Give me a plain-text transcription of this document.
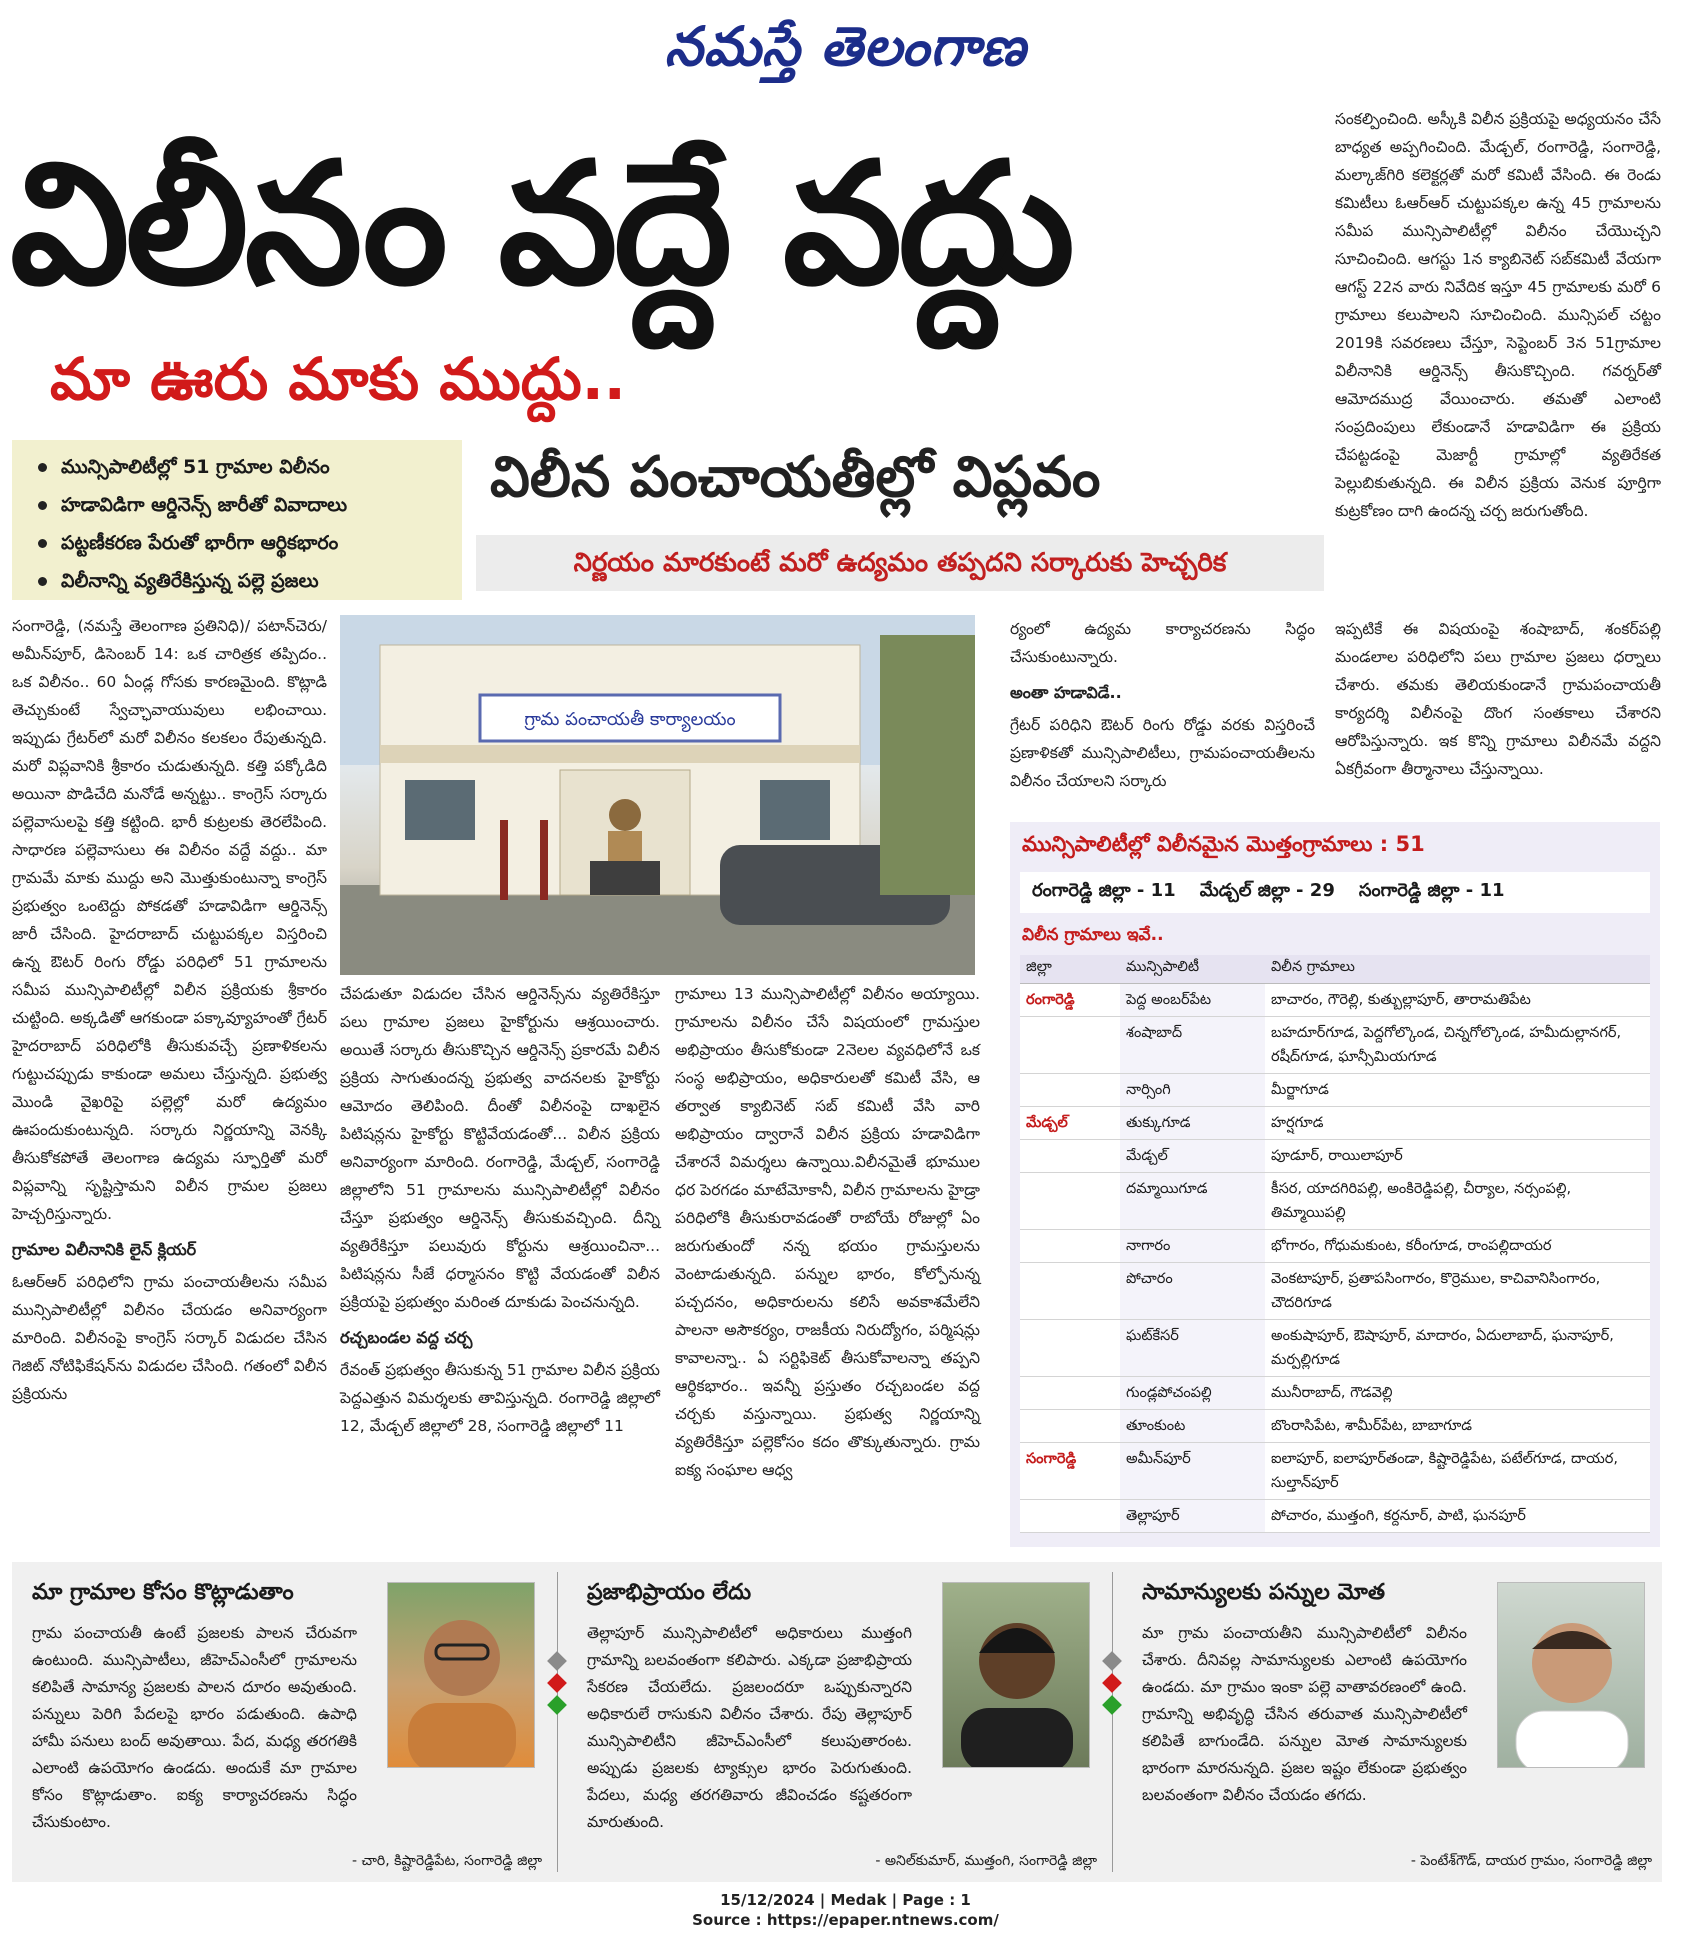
నమస్తే తెలంగాణ
విలీనం వద్దే వద్దు
మా ఊరు మాకు ముద్దు..
సంకల్పించింది. అస్కీకి విలీన ప్రక్రియపై అధ్యయనం చేసే బాధ్యత అప్పగించింది. మేడ్చల్, రంగారెడ్డి, సంగారెడ్డి, మల్కాజ్‌గిరి కలెక్టర్లతో మరో కమిటీ వేసింది. ఈ రెండు కమిటీలు ఓఆర్‌ఆర్ చుట్టుపక్కల ఉన్న 45 గ్రామాలను సమీప మున్సిపాలిటీల్లో విలీనం చేయొచ్చని సూచించింది. ఆగస్టు 1న క్యాబినెట్ సబ్‌కమిటీ వేయగా ఆగస్ట్ 22న వారు నివేదిక ఇస్తూ 45 గ్రామాలకు మరో 6 గ్రామాలు కలుపాలని సూచించింది. మున్సిపల్ చట్టం 2019కి సవరణలు చేస్తూ, సెప్టెంబర్ 3న 51గ్రామాల విలీనానికి ఆర్డినెన్స్ తీసుకొచ్చింది. గవర్నర్‌తో ఆమోదముద్ర వేయించారు. తమతో ఎలాంటి సంప్రదింపులు లేకుండానే హడావిడిగా ఈ ప్రక్రియ చేపట్టడంపై మెజార్టీ గ్రామాల్లో వ్యతిరేకత పెల్లుబికుతున్నది. ఈ విలీన ప్రక్రియ వెనుక పూర్తిగా కుట్రకోణం దాగి ఉందన్న చర్చ జరుగుతోంది.
మున్సిపాలిటీల్లో 51 గ్రామాల విలీనం
హడావిడిగా ఆర్డినెన్స్ జారీతో వివాదాలు
పట్టణీకరణ పేరుతో భారీగా ఆర్థికభారం
విలీనాన్ని వ్యతిరేకిస్తున్న పల్లె ప్రజలు
విలీన పంచాయతీల్లో విప్లవం
నిర్ణయం మారకుంటే మరో ఉద్యమం తప్పదని సర్కారుకు హెచ్చరిక

సంగారెడ్డి, (నమస్తే తెలంగాణ ప్రతినిధి)/ పటాన్‌చెరు/ అమీన్‌పూర్, డిసెంబర్ 14: ఒక చారిత్రక తప్పిదం.. ఒక విలీనం.. 60 ఏండ్ల గోసకు కారణమైంది. కొట్లాడి తెచ్చుకుంటే స్వేచ్ఛావాయువులు లభించాయి. ఇప్పుడు గ్రేటర్‌లో మరో విలీనం కలకలం రేపుతున్నది. మరో విప్లవానికి శ్రీకారం చుడుతున్నది. కత్తి పక్కోడిది అయినా పొడిచేది మనోడే అన్నట్టు.. కాంగ్రెస్ సర్కారు పల్లెవాసులపై కత్తి కట్టింది. భారీ కుట్రలకు తెరలేపింది. సాధారణ పల్లెవాసులు ఈ విలీనం వద్దే వద్దు.. మా గ్రామమే మాకు ముద్దు అని మొత్తుకుంటున్నా కాంగ్రెస్ ప్రభుత్వం ఒంటెద్దు పోకడతో హడావిడిగా ఆర్డినెన్స్ జారీ చేసింది. హైదరాబాద్ చుట్టుపక్కల విస్తరించి ఉన్న ఔటర్ రింగు రోడ్డు పరిధిలో 51 గ్రామాలను సమీప మున్సిపాలిటీల్లో విలీన ప్రక్రియకు శ్రీకారం చుట్టింది. అక్కడితో ఆగకుండా పక్కావ్యూహంతో గ్రేటర్ హైదరాబాద్ పరిధిలోకి తీసుకువచ్చే ప్రణాళికలను గుట్టుచప్పుడు కాకుండా అమలు చేస్తున్నది. ప్రభుత్వ మొండి వైఖరిపై పల్లెల్లో మరో ఉద్యమం ఊపందుకుంటున్నది. సర్కారు నిర్ణయాన్ని వెనక్కి తీసుకోకపోతే తెలంగాణ ఉద్యమ స్ఫూర్తితో మరో విప్లవాన్ని సృష్టిస్తామని విలీన గ్రామల ప్రజలు హెచ్చరిస్తున్నారు.

గ్రామాల విలీనానికి లైన్ క్లియర్

ఓఆర్‌ఆర్ పరిధిలోని గ్రామ పంచాయతీలను సమీప మున్సిపాలిటీల్లో విలీనం చేయడం అనివార్యంగా మారింది. విలీనంపై కాంగ్రెస్ సర్కార్ విడుదల చేసిన గెజిట్ నోటిఫికేషన్‌ను విడుదల చేసింది. గతంలో విలీన ప్రక్రియను

గ్రామ పంచాయతీ కార్యాలయం

చేపడుతూ విడుదల చేసిన ఆర్డినెన్స్‌ను వ్యతిరేకిస్తూ పలు గ్రామాల ప్రజలు హైకోర్టును ఆశ్రయించారు. అయితే సర్కారు తీసుకొచ్చిన ఆర్డినెన్స్ ప్రకారమే విలీన ప్రక్రియ సాగుతుందన్న ప్రభుత్వ వాదనలకు హైకోర్టు ఆమోదం తెలిపింది. దీంతో విలీనంపై దాఖలైన పిటిషన్లను హైకోర్టు కొట్టివేయడంతో... విలీన ప్రక్రియ అనివార్యంగా మారింది. రంగారెడ్డి, మేడ్చల్, సంగారెడ్డి జిల్లాలోని 51 గ్రామాలను మున్సిపాలిటీల్లో విలీనం చేస్తూ ప్రభుత్వం ఆర్డినెన్స్ తీసుకువచ్చింది. దీన్ని వ్యతిరేకిస్తూ పలువురు కోర్టును ఆశ్రయించినా... పిటిషన్లను సీజే ధర్మాసనం కొట్టి వేయడంతో విలీన ప్రక్రియపై ప్రభుత్వం మరింత దూకుడు పెంచనున్నది.

రచ్చబండల వద్ద చర్చ

రేవంత్ ప్రభుత్వం తీసుకున్న 51 గ్రామాల విలీన ప్రక్రియ పెద్దఎత్తున విమర్శలకు తావిస్తున్నది. రంగారెడ్డి జిల్లాలో 12, మేడ్చల్ జిల్లాలో 28, సంగారెడ్డి జిల్లాలో 11

గ్రామాలు 13 మున్సిపాలిటీల్లో విలీనం అయ్యాయి. గ్రామాలను విలీనం చేసే విషయంలో గ్రామస్తుల అభిప్రాయం తీసుకోకుండా 2నెలల వ్యవధిలోనే ఒక సంస్థ అభిప్రాయం, అధికారులతో కమిటీ వేసి, ఆ తర్వాత క్యాబినెట్ సబ్ కమిటీ వేసి వారి అభిప్రాయం ద్వారానే విలీన ప్రక్రియ హడావిడిగా చేశారనే విమర్శలు ఉన్నాయి.విలీనమైతే భూముల ధర పెరగడం మాటేమోకానీ, విలీన గ్రామాలను హైడ్రా పరిధిలోకి తీసుకురావడంతో రాబోయే రోజుల్లో ఏం జరుగుతుందో నన్న భయం గ్రామస్తులను వెంటాడుతున్నది. పన్నుల భారం, కోల్పోనున్న పచ్చదనం, అధికారులను కలిసే అవకాశమేలేని పాలనా అసౌకర్యం, రాజకీయ నిరుద్యోగం, పర్మిషన్లు కావాలన్నా.. ఏ సర్టిఫికెట్ తీసుకోవాలన్నా తప్పని ఆర్థికభారం.. ఇవన్నీ ప్రస్తుతం రచ్చబండల వద్ద చర్చకు వస్తున్నాయి. ప్రభుత్వ నిర్ణయాన్ని వ్యతిరేకిస్తూ పల్లెకోసం కదం తొక్కుతున్నారు. గ్రామ ఐక్య సంఘాల ఆధ్వ

ర్యంలో ఉద్యమ కార్యాచరణను సిద్ధం చేసుకుంటున్నారు.

అంతా హడావిడే..

గ్రేటర్ పరిధిని ఔటర్ రింగు రోడ్డు వరకు విస్తరించే ప్రణాళికతో మున్సిపాలిటీలు, గ్రామపంచాయతీలను విలీనం చేయాలని సర్కారు

ఇప్పటికే ఈ విషయంపై శంషాబాద్, శంకర్‌పల్లి మండలాల పరిధిలోని పలు గ్రామాల ప్రజలు ధర్నాలు చేశారు. తమకు తెలియకుండానే గ్రామపంచాయతీ కార్యదర్శి విలీనంపై దొంగ సంతకాలు చేశారని ఆరోపిస్తున్నారు. ఇక కొన్ని గ్రామాలు విలీనమే వద్దని ఏకగ్రీవంగా తీర్మానాలు చేస్తున్నాయి.
మున్సిపాలిటీల్లో విలీనమైన మొత్తంగ్రామాలు : 51
రంగారెడ్డి జిల్లా - 11 మేడ్చల్ జిల్లా - 29 సంగారెడ్డి జిల్లా - 11
విలీన గ్రామాలు ఇవే..
జిల్లా	మున్సిపాలిటీ	విలీన గ్రామాలు
రంగారెడ్డి	పెద్ద అంబర్‌పేట	బాచారం, గౌరెల్లి, కుత్బుల్లాపూర్, తారామతిపేట
	శంషాబాద్	బహదూర్‌గూడ, పెద్దగోల్కొండ, చిన్నగోల్కొండ, హమీదుల్లానగర్, రషీద్‌గూడ, ఘాన్సీమియగూడ
	నార్సింగి	మీర్జాగూడ
మేడ్చల్	తుక్కుగూడ	హర్షగూడ
	మేడ్చల్	పూడూర్, రాయిలాపూర్
	దమ్మాయిగూడ	కీసర, యాదగిరిపల్లి, అంకిరెడ్డిపల్లి, చీర్యాల, నర్సంపల్లి, తిమ్మాయిపల్లి
	నాగారం	భోగారం, గోధుమకుంట, కరీంగూడ, రాంపల్లిదాయర
	పోచారం	వెంకటాపూర్, ప్రతాపసింగారం, కొర్రెముల, కాచివానిసింగారం, చౌదరిగూడ
	ఘట్‌కేసర్	అంకుషాపూర్, ఔషాపూర్, మాదారం, ఏదులాబాద్, ఘనాపూర్, మర్పల్లిగూడ
	గుండ్లపోచంపల్లి	మునీరాబాద్, గౌడవెల్లి
	తూంకుంట	బొంరాసిపేట, శామీర్‌పేట, బాబాగూడ
సంగారెడ్డి	అమీన్‌పూర్	ఐలాపూర్, ఐలాపూర్‌తండా, కిష్టారెడ్డిపేట, పటేల్‌గూడ, దాయర, సుల్తాన్‌పూర్
	తెల్లాపూర్	పోచారం, ముత్తంగి, కర్దనూర్, పాటి, ఘనపూర్
మా గ్రామాల కోసం కొట్లాడుతాం
గ్రామ పంచాయతీ ఉంటే ప్రజలకు పాలన చేరువగా ఉంటుంది. మున్సిపాటీలు, జీహెచ్‌ఎంసీలో గ్రామాలను కలిపితే సామాన్య ప్రజలకు పాలన దూరం అవుతుంది. పన్నులు పెరిగి పేదలపై భారం పడుతుంది. ఉపాధి హామీ పనులు బంద్ అవుతాయి. పేద, మధ్య తరగతికి ఎలాంటి ఉపయోగం ఉండదు. అందుకే మా గ్రామాల కోసం కొట్లాడుతాం. ఐక్య కార్యాచరణను సిద్ధం చేసుకుంటాం.
- చారి, కిష్టారెడ్డిపేట, సంగారెడ్డి జిల్లా
ప్రజాభిప్రాయం లేదు
తెల్లాపూర్ మున్సిపాలిటీలో అధికారులు ముత్తంగి గ్రామాన్ని బలవంతంగా కలిపారు. ఎక్కడా ప్రజాభిప్రాయ సేకరణ చేయలేదు. ప్రజలందరూ ఒప్పుకున్నారని అధికారులే రాసుకుని విలీనం చేశారు. రేపు తెల్లాపూర్ మున్సిపాలిటీని జీహెచ్‌ఎంసీలో కలుపుతారంట. అప్పుడు ప్రజలకు ట్యాక్సుల భారం పెరుగుతుంది. పేదలు, మధ్య తరగతివారు జీవించడం కష్టతరంగా మారుతుంది.
- అనిల్‌కుమార్, ముత్తంగి, సంగారెడ్డి జిల్లా
సామాన్యులకు పన్నుల మోత
మా గ్రామ పంచాయతీని మున్సిపాలిటీలో విలీనం చేశారు. దీనివల్ల సామాన్యులకు ఎలాంటి ఉపయోగం ఉండదు. మా గ్రామం ఇంకా పల్లె వాతావరణంలో ఉంది. గ్రామాన్ని అభివృద్ధి చేసిన తరువాత మున్సిపాలిటీలో కలిపితే బాగుండేది. పన్నుల మోత సామాన్యులకు భారంగా మారనున్నది. ప్రజల ఇష్టం లేకుండా ప్రభుత్వం బలవంతంగా విలీనం చేయడం తగదు.
- పెంటేశ్‌గౌడ్, దాయర గ్రామం, సంగారెడ్డి జిల్లా
15/12/2024 | Medak | Page : 1
Source : https://epaper.ntnews.com/
